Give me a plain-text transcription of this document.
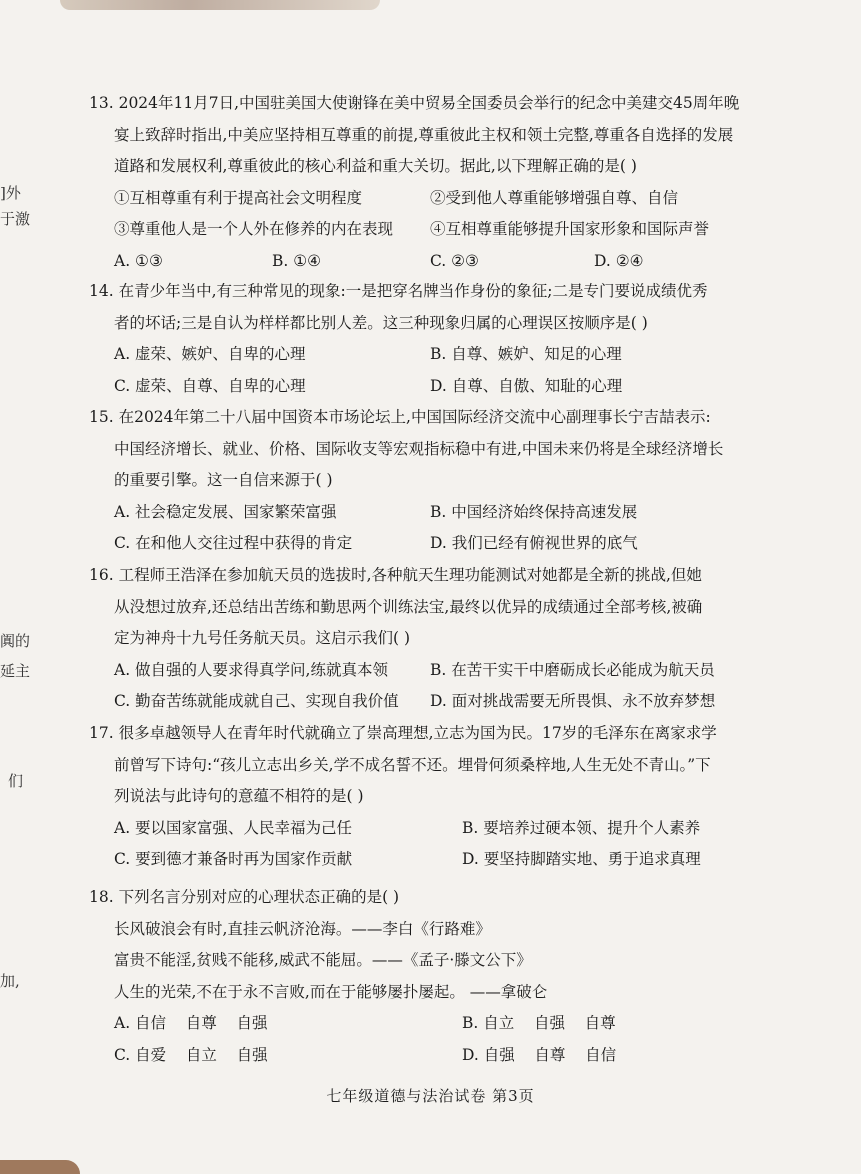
]外
于激
阗的
延主
们
加,
13. 2024年11月7日,中国驻美国大使谢锋在美中贸易全国委员会举行的纪念中美建交45周年晚
宴上致辞时指出,中美应坚持相互尊重的前提,尊重彼此主权和领土完整,尊重各自选择的发展
道路和发展权利,尊重彼此的核心利益和重大关切。据此,以下理解正确的是( )
①互相尊重有利于提高社会文明程度	②受到他人尊重能够增强自尊、自信
③尊重他人是一个人外在修养的内在表现 ④互相尊重能够提升国家形象和国际声誉
A. ①③	B. ①④	C. ②③	D. ②④
14. 在青少年当中,有三种常见的现象:一是把穿名牌当作身份的象征;二是专门要说成绩优秀
者的坏话;三是自认为样样都比别人差。这三种现象归属的心理误区按顺序是( )
A. 虚荣、嫉妒、自卑的心理	B. 自尊、嫉妒、知足的心理
C. 虚荣、自尊、自卑的心理	D. 自尊、自傲、知耻的心理
15. 在2024年第二十八届中国资本市场论坛上,中国国际经济交流中心副理事长宁吉喆表示:
中国经济增长、就业、价格、国际收支等宏观指标稳中有进,中国未来仍将是全球经济增长
的重要引擎。这一自信来源于( )
A. 社会稳定发展、国家繁荣富强	B. 中国经济始终保持高速发展
C. 在和他人交往过程中获得的肯定	D. 我们已经有俯视世界的底气
16. 工程师王浩泽在参加航天员的选拔时,各种航天生理功能测试对她都是全新的挑战,但她
从没想过放弃,还总结出苦练和勤思两个训练法宝,最终以优异的成绩通过全部考核,被确
定为神舟十九号任务航天员。这启示我们( )
A. 做自强的人要求得真学问,练就真本领	B. 在苦干实干中磨砺成长必能成为航天员
C. 勤奋苦练就能成就自己、实现自我价值 D. 面对挑战需要无所畏惧、永不放弃梦想
17. 很多卓越领导人在青年时代就确立了崇高理想,立志为国为民。17岁的毛泽东在离家求学
前曾写下诗句:“孩儿立志出乡关,学不成名誓不还。埋骨何须桑梓地,人生无处不青山。”下
列说法与此诗句的意蕴不相符的是( )
A. 要以国家富强、人民幸福为己任	B. 要培养过硬本领、提升个人素养
C. 要到德才兼备时再为国家作贡献	D. 要坚持脚踏实地、勇于追求真理
18. 下列名言分别对应的心理状态正确的是( )
长风破浪会有时,直挂云帆济沧海。——李白《行路难》
富贵不能淫,贫贱不能移,威武不能屈。——《孟子·滕文公下》
人生的光荣,不在于永不言败,而在于能够屡扑屡起。 ——拿破仑
A. 自信    自尊    自强	B. 自立    自强    自尊
C. 自爱    自立    自强	D. 自强    自尊    自信
七年级道德与法治试卷 第3页
